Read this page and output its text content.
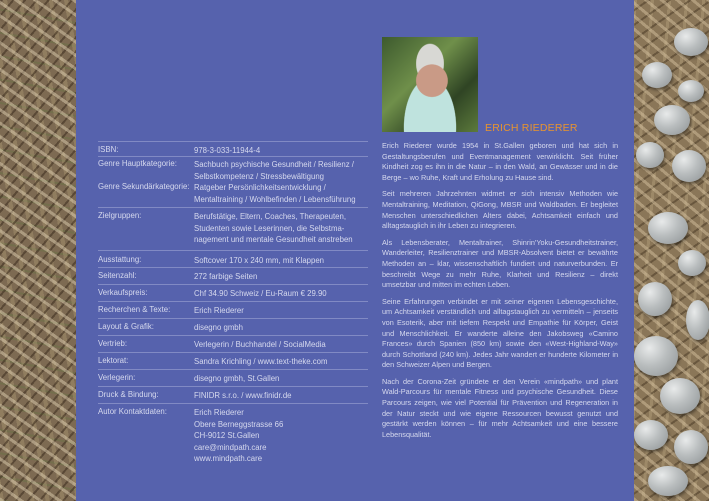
ISBN:	978-3-033-11944-4
Genre Hauptkategorie: Sachbuch psychische Gesundheit / Resilienz /
Selbstkompetenz / Stressbewältigung
Genre Sekundärkategorie: Ratgeber Persönlichkeitsentwicklung /
Mentaltraining / Wohlbefinden / Lebensführung
Zielgruppen:	Berufstätige, Eltern, Coaches, Therapeuten,
Studenten sowie Leserinnen, die Selbstma-
nagement und mentale Gesundheit anstreben
Ausstattung:	Softcover 170 x 240 mm, mit Klappen
Seitenzahl:	272 farbige Seiten
Verkaufspreis:	Chf 34.90 Schweiz / Eu-Raum € 29.90
Recherchen & Texte:	Erich Riederer
Layout & Grafik:	disegno gmbh
Vertrieb:	Verlegerin / Buchhandel / SocialMedia
Lektorat:	Sandra Krichling / www.text-theke.com
Verlegerin:	disegno gmbh, St.Gallen
Druck & Bindung:	FINIDR s.r.o. / www.finidr.de
Autor Kontaktdaten:	Erich Riederer
Obere Berneggstrasse 66
CH-9012 St.Gallen
care@mindpath.care
www.mindpath.care
ERICH RIEDERER

Erich Riederer wurde 1954 in St.Gallen geboren und hat sich in Gestaltungsberufen und Eventmanagement verwirklicht. Seit früher Kindheit zog es ihn in die Natur – in den Wald, an Gewässer und in die Berge – wo Ruhe, Kraft und Erholung zu Hause sind.

Seit mehreren Jahrzehnten widmet er sich intensiv Methoden wie Mentaltraining, Meditation, QiGong, MBSR und Waldbaden. Er begleitet Menschen unterschiedlichen Alters dabei, Achtsamkeit einfach und alltagstauglich in ihr Leben zu integrieren.

Als Lebensberater, Mentaltrainer, Shinrin'Yoku-Gesundheitstrainer, Wanderleiter, Resilienztrainer und MBSR-Absolvent bietet er bewährte Methoden an – klar, wissenschaftlich fundiert und naturverbunden. Er beschreibt Wege zu mehr Ruhe, Klarheit und Resilienz – direkt umsetzbar und mitten im echten Leben.

Seine Erfahrungen verbindet er mit seiner eigenen Lebensgeschichte, um Achtsamkeit verständlich und alltagstauglich zu vermitteln – jenseits von Esoterik, aber mit tiefem Respekt und Empathie für Körper, Geist und Menschlichkeit. Er wanderte alleine den Jakobsweg «Camino Frances» durch Spanien (850 km) sowie den «West-Highland-Way» durch Schottland (240 km). Jedes Jahr wandert er hunderte Kilometer in den Schweizer Alpen und Bergen.

Nach der Corona-Zeit gründete er den Verein «mindpath» und plant Wald-Parcours für mentale Fitness und psychische Gesundheit. Diese Parcours zeigen, wie viel Potential für Prävention und Regeneration in der Natur steckt und wie eigene Ressourcen bewusst genutzt und gestärkt werden können – für mehr Achtsamkeit und eine bessere Lebensqualität.
